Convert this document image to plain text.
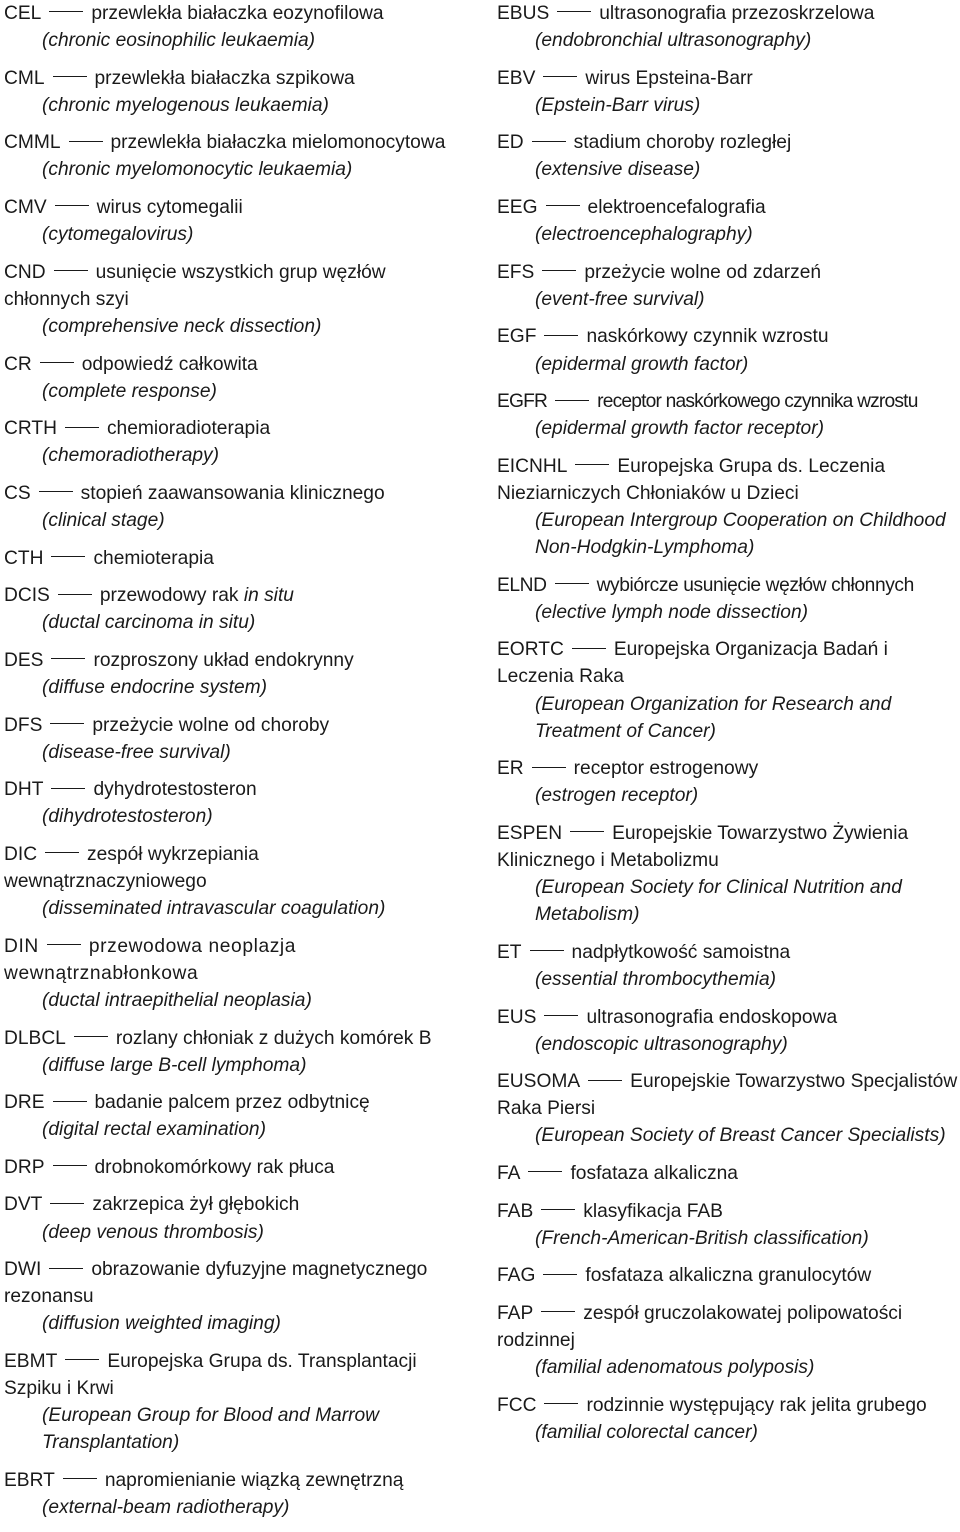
CEL	przewlekła białaczka eozynofilowa
(chronic eosinophilic leukaemia)
CML	przewlekła białaczka szpikowa
(chronic myelogenous leukaemia)
CMML	przewlekła białaczka mielomonocytowa
(chronic myelomonocytic leukaemia)
CMV	wirus cytomegalii
(cytomegalovirus)
CND	usunięcie wszystkich grup węzłów chłonnych szyi
(comprehensive neck dissection)
CR	odpowiedź całkowita
(complete response)
CRTH	chemioradioterapia
(chemoradiotherapy)
CS	stopień zaawansowania klinicznego
(clinical stage)
CTH	chemioterapia
DCIS	przewodowy rak in situ
(ductal carcinoma in situ)
DES	rozproszony układ endokrynny
(diffuse endocrine system)
DFS	przeżycie wolne od choroby
(disease-free survival)
DHT	dyhydrotestosteron
(dihydrotestosteron)
DIC	zespół wykrzepiania wewnątrznaczyniowego
(disseminated intravascular coagulation)
DIN	przewodowa neoplazja wewnątrznabłonkowa
(ductal intraepithelial neoplasia)
DLBCL	rozlany chłoniak z dużych komórek B
(diffuse large B-cell lymphoma)
DRE	badanie palcem przez odbytnicę
(digital rectal examination)
DRP	drobnokomórkowy rak płuca
DVT	zakrzepica żył głębokich
(deep venous thrombosis)
DWI	obrazowanie dyfuzyjne magnetycznego rezonansu
(diffusion weighted imaging)
EBMT	Europejska Grupa ds. Transplantacji Szpiku i Krwi
(European Group for Blood and Marrow Transplantation)
EBRT	napromienianie wiązką zewnętrzną
(external-beam radiotherapy)
EBUS	ultrasonografia przezoskrzelowa
(endobronchial ultrasonography)
EBV	wirus Epsteina-Barr
(Epstein-Barr virus)
ED	stadium choroby rozległej
(extensive disease)
EEG	elektroencefalografia
(electroencephalography)
EFS	przeżycie wolne od zdarzeń
(event-free survival)
EGF	naskórkowy czynnik wzrostu
(epidermal growth factor)
EGFR	receptor naskórkowego czynnika wzrostu
(epidermal growth factor receptor)
EICNHL	Europejska Grupa ds. Leczenia Nieziarniczych Chłoniaków u Dzieci
(European Intergroup Cooperation on Childhood Non-Hodgkin-Lymphoma)
ELND	wybiórcze usunięcie węzłów chłonnych
(elective lymph node dissection)
EORTC	Europejska Organizacja Badań i Leczenia Raka
(European Organization for Research and Treatment of Cancer)
ER	receptor estrogenowy
(estrogen receptor)
ESPEN	Europejskie Towarzystwo Żywienia Klinicznego i Metabolizmu
(European Society for Clinical Nutrition and Metabolism)
ET	nadpłytkowość samoistna
(essential thrombocythemia)
EUS	ultrasonografia endoskopowa
(endoscopic ultrasonography)
EUSOMA	Europejskie Towarzystwo Specjalistów Raka Piersi
(European Society of Breast Cancer Specialists)
FA	fosfataza alkaliczna
FAB	klasyfikacja FAB
(French-American-British classification)
FAG	fosfataza alkaliczna granulocytów
FAP	zespół gruczolakowatej polipowatości rodzinnej
(familial adenomatous polyposis)
FCC	rodzinnie występujący rak jelita grubego
(familial colorectal cancer)
